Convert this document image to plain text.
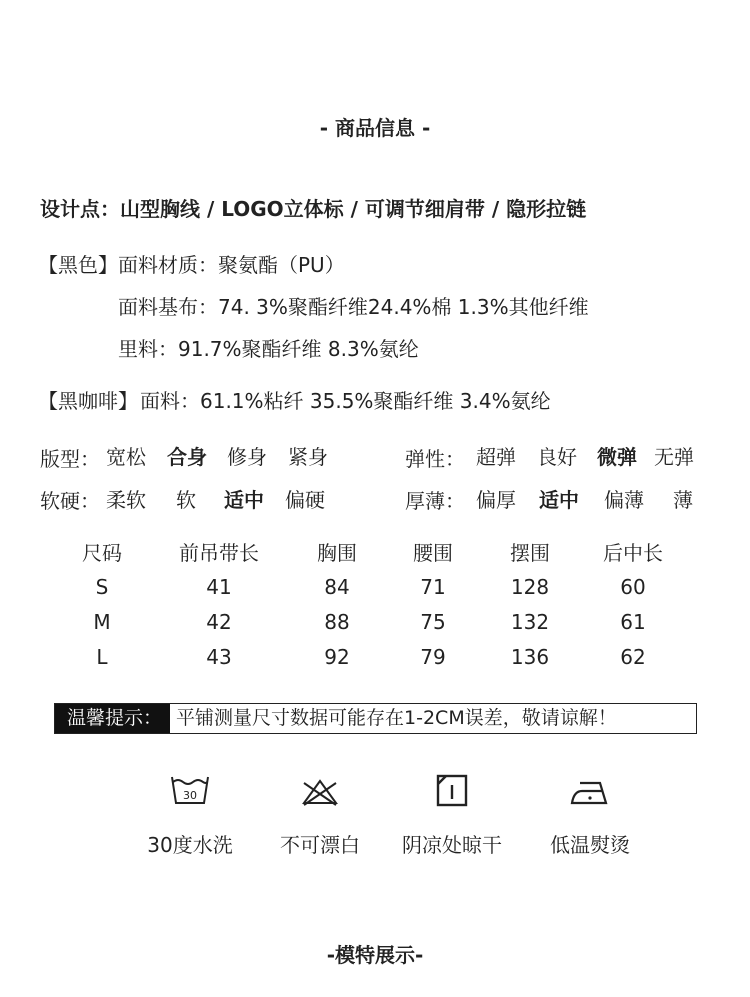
- 商品信息 -
设计点：山型胸线 / LOGO立体标 / 可调节细肩带 / 隐形拉链
【黑色】 面料材质：聚氨酯（PU）
面料基布：74. 3%聚酯纤维24.4%棉 1.3%其他纤维
里料：91.7%聚酯纤维 8.3%氨纶
【黑咖啡】 面料：61.1%粘纤 35.5%聚酯纤维 3.4%氨纶
版型： 宽松 合身 修身 紧身	弹性： 超弹 良好 微弹 无弹
软硬： 柔软 软 适中 偏硬	厚薄： 偏厚 适中 偏薄 薄
尺码	前吊带长	胸围	腰围	摆围	后中长
S	41	84	71	128	60
M	42	88	75	132	61
L	43	92	79	136	62
温馨提示： 平铺测量尺寸数据可能存在1-2CM误差，敬请谅解！
30
30度水洗	不可漂白	阴凉处晾干	低温熨烫
-模特展示-
